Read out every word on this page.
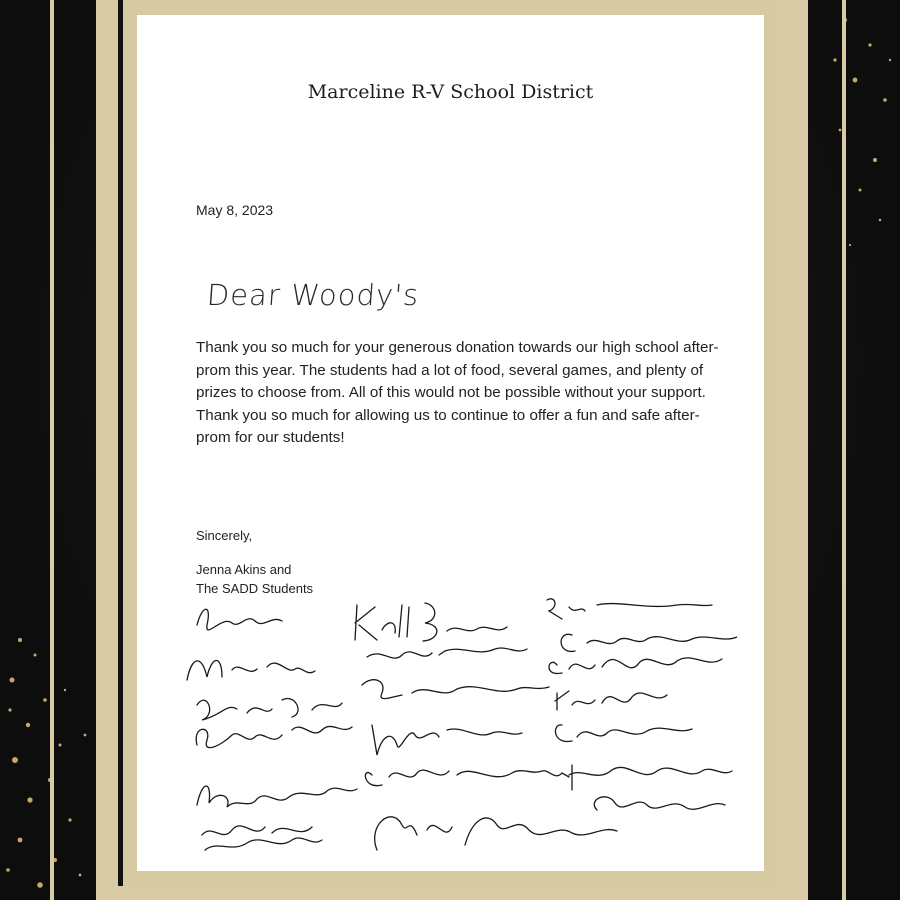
Marceline R-V School District
May 8, 2023
Dear Woody's
Thank you so much for your generous donation towards our high school after-prom this year. The students had a lot of food, several games, and plenty of prizes to choose from. All of this would not be possible without your support. Thank you so much for allowing us to continue to offer a fun and safe after-prom for our students!
Sincerely,
Jenna Akins and
The SADD Students
